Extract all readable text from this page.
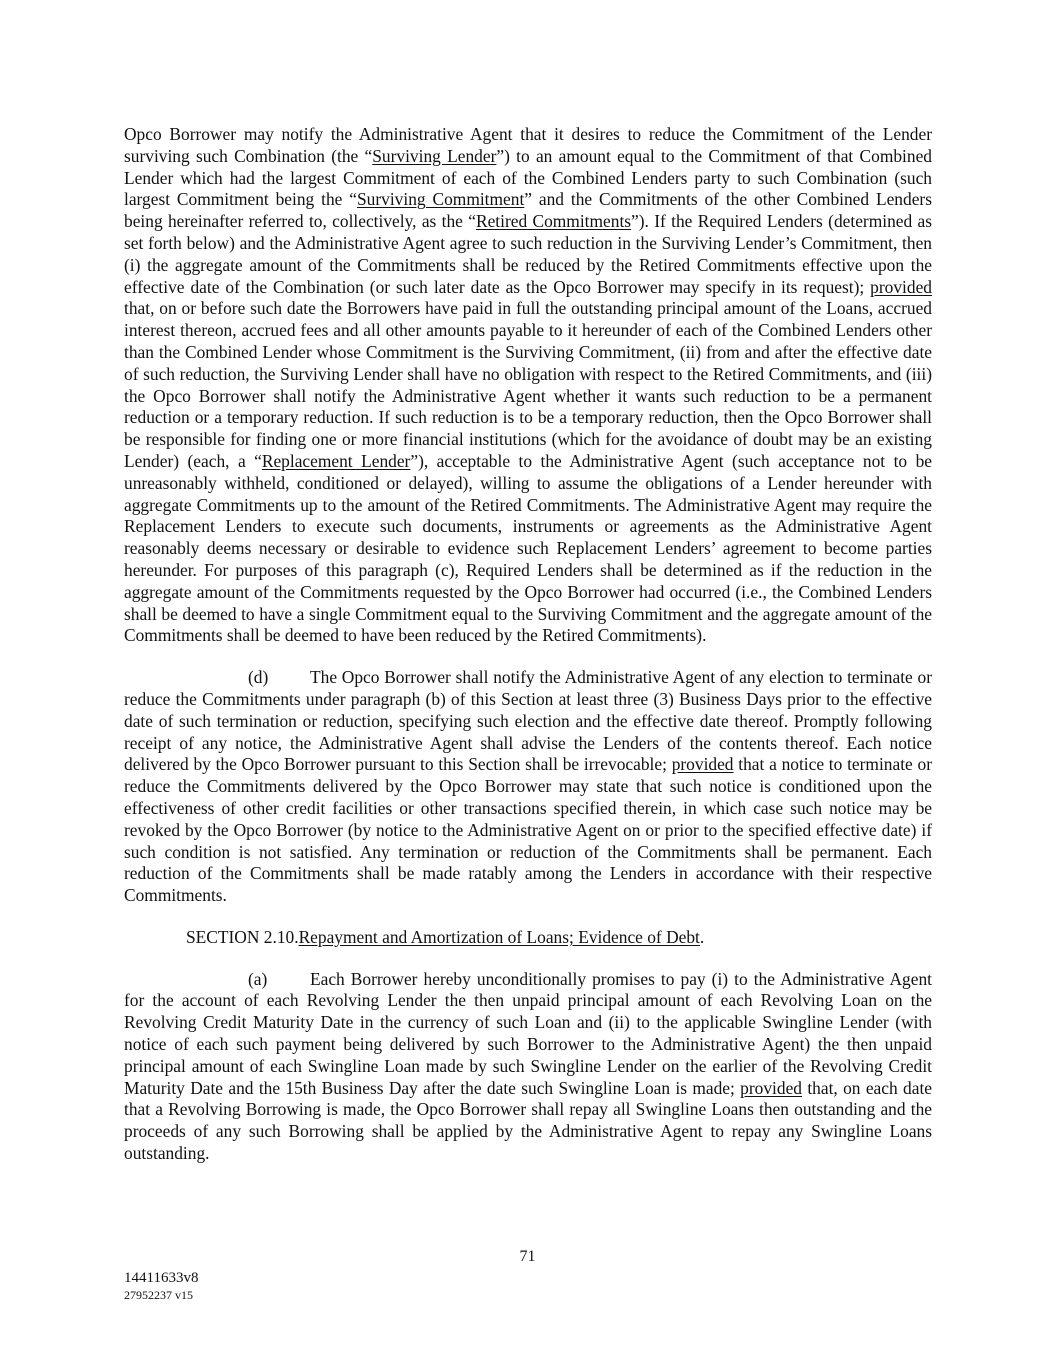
Opco Borrower may notify the Administrative Agent that it desires to reduce the Commitment of the Lender surviving such Combination (the “Surviving Lender”) to an amount equal to the Commitment of that Combined Lender which had the largest Commitment of each of the Combined Lenders party to such Combination (such largest Commitment being the “Surviving Commitment” and the Commitments of the other Combined Lenders being hereinafter referred to, collectively, as the “Retired Commitments”). If the Required Lenders (determined as set forth below) and the Administrative Agent agree to such reduction in the Surviving Lender’s Commitment, then (i) the aggregate amount of the Commitments shall be reduced by the Retired Commitments effective upon the effective date of the Combination (or such later date as the Opco Borrower may specify in its request); provided that, on or before such date the Borrowers have paid in full the outstanding principal amount of the Loans, accrued interest thereon, accrued fees and all other amounts payable to it hereunder of each of the Combined Lenders other than the Combined Lender whose Commitment is the Surviving Commitment, (ii) from and after the effective date of such reduction, the Surviving Lender shall have no obligation with respect to the Retired Commitments, and (iii) the Opco Borrower shall notify the Administrative Agent whether it wants such reduction to be a permanent reduction or a temporary reduction. If such reduction is to be a temporary reduction, then the Opco Borrower shall be responsible for finding one or more financial institutions (which for the avoidance of doubt may be an existing Lender) (each, a “Replacement Lender”), acceptable to the Administrative Agent (such acceptance not to be unreasonably withheld, conditioned or delayed), willing to assume the obligations of a Lender hereunder with aggregate Commitments up to the amount of the Retired Commitments. The Administrative Agent may require the Replacement Lenders to execute such documents, instruments or agreements as the Administrative Agent reasonably deems necessary or desirable to evidence such Replacement Lenders’ agreement to become parties hereunder. For purposes of this paragraph (c), Required Lenders shall be determined as if the reduction in the aggregate amount of the Commitments requested by the Opco Borrower had occurred (i.e., the Combined Lenders shall be deemed to have a single Commitment equal to the Surviving Commitment and the aggregate amount of the Commitments shall be deemed to have been reduced by the Retired Commitments).

(d) The Opco Borrower shall notify the Administrative Agent of any election to terminate or reduce the Commitments under paragraph (b) of this Section at least three (3) Business Days prior to the effective date of such termination or reduction, specifying such election and the effective date thereof. Promptly following receipt of any notice, the Administrative Agent shall advise the Lenders of the contents thereof. Each notice delivered by the Opco Borrower pursuant to this Section shall be irrevocable; provided that a notice to terminate or reduce the Commitments delivered by the Opco Borrower may state that such notice is conditioned upon the effectiveness of other credit facilities or other transactions specified therein, in which case such notice may be revoked by the Opco Borrower (by notice to the Administrative Agent on or prior to the specified effective date) if such condition is not satisfied. Any termination or reduction of the Commitments shall be permanent. Each reduction of the Commitments shall be made ratably among the Lenders in accordance with their respective Commitments.

SECTION 2.10.Repayment and Amortization of Loans; Evidence of Debt.

(a) Each Borrower hereby unconditionally promises to pay (i) to the Administrative Agent for the account of each Revolving Lender the then unpaid principal amount of each Revolving Loan on the Revolving Credit Maturity Date in the currency of such Loan and (ii) to the applicable Swingline Lender (with notice of each such payment being delivered by such Borrower to the Administrative Agent) the then unpaid principal amount of each Swingline Loan made by such Swingline Lender on the earlier of the Revolving Credit Maturity Date and the 15th Business Day after the date such Swingline Loan is made; provided that, on each date that a Revolving Borrowing is made, the Opco Borrower shall repay all Swingline Loans then outstanding and the proceeds of any such Borrowing shall be applied by the Administrative Agent to repay any Swingline Loans outstanding.

71
14411633v8
27952237 v15
